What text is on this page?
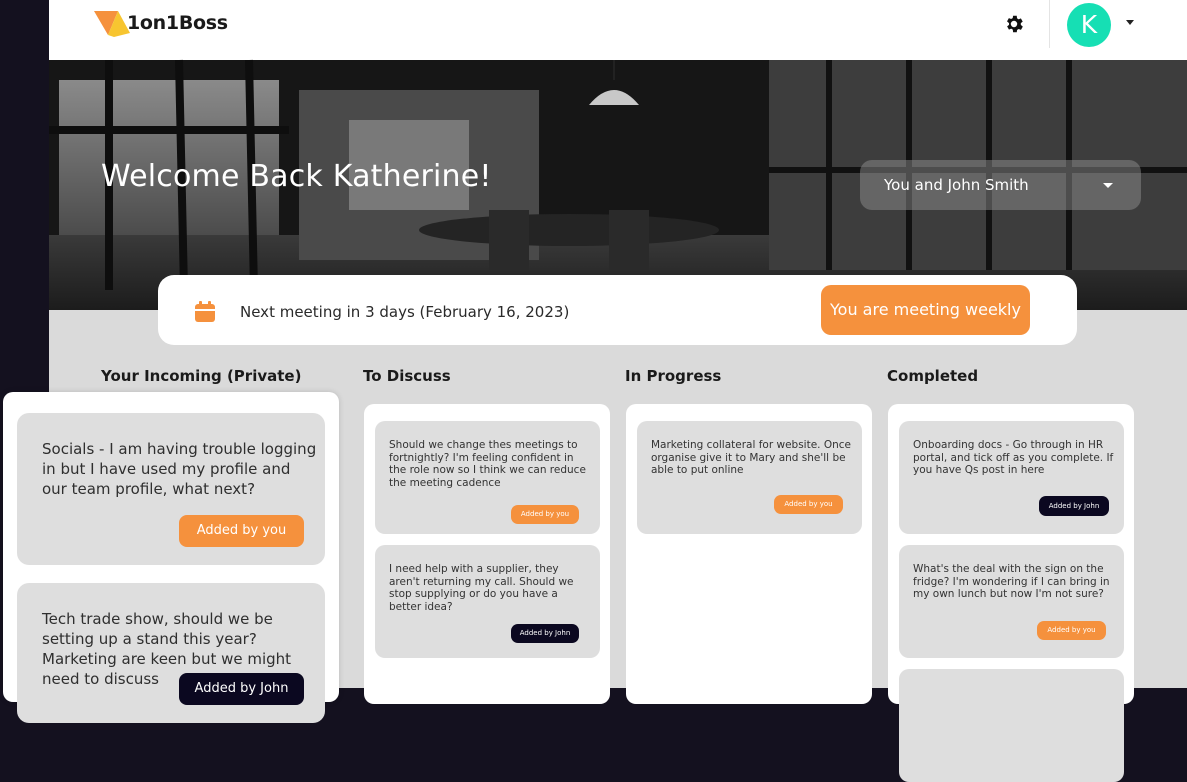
1on1Boss	K
Welcome Back Katherine!	You and John Smith
Next meeting in 3 days (February 16, 2023)	You are meeting weekly
Your Incoming (Private)	To Discuss	In Progress	Completed
Should we change thes meetings to fortnightly? I'm feeling confident in the role now so I think we can reduce the meeting cadence
Added by you
I need help with a supplier, they aren't returning my call. Should we stop supplying or do you have a better idea?
Added by John
Marketing collateral for website. Once organise give it to Mary and she'll be able to put online
Added by you
Onboarding docs - Go through in HR portal, and tick off as you complete. If you have Qs post in here
Added by John
What's the deal with the sign on the fridge? I'm wondering if I can bring in my own lunch but now I'm not sure?
Added by you
Socials - I am having trouble logging in but I have used my profile and our team profile, what next?
Added by you
Tech trade show, should we be setting up a stand this year? Marketing are keen but we might need to discuss
Added by John
